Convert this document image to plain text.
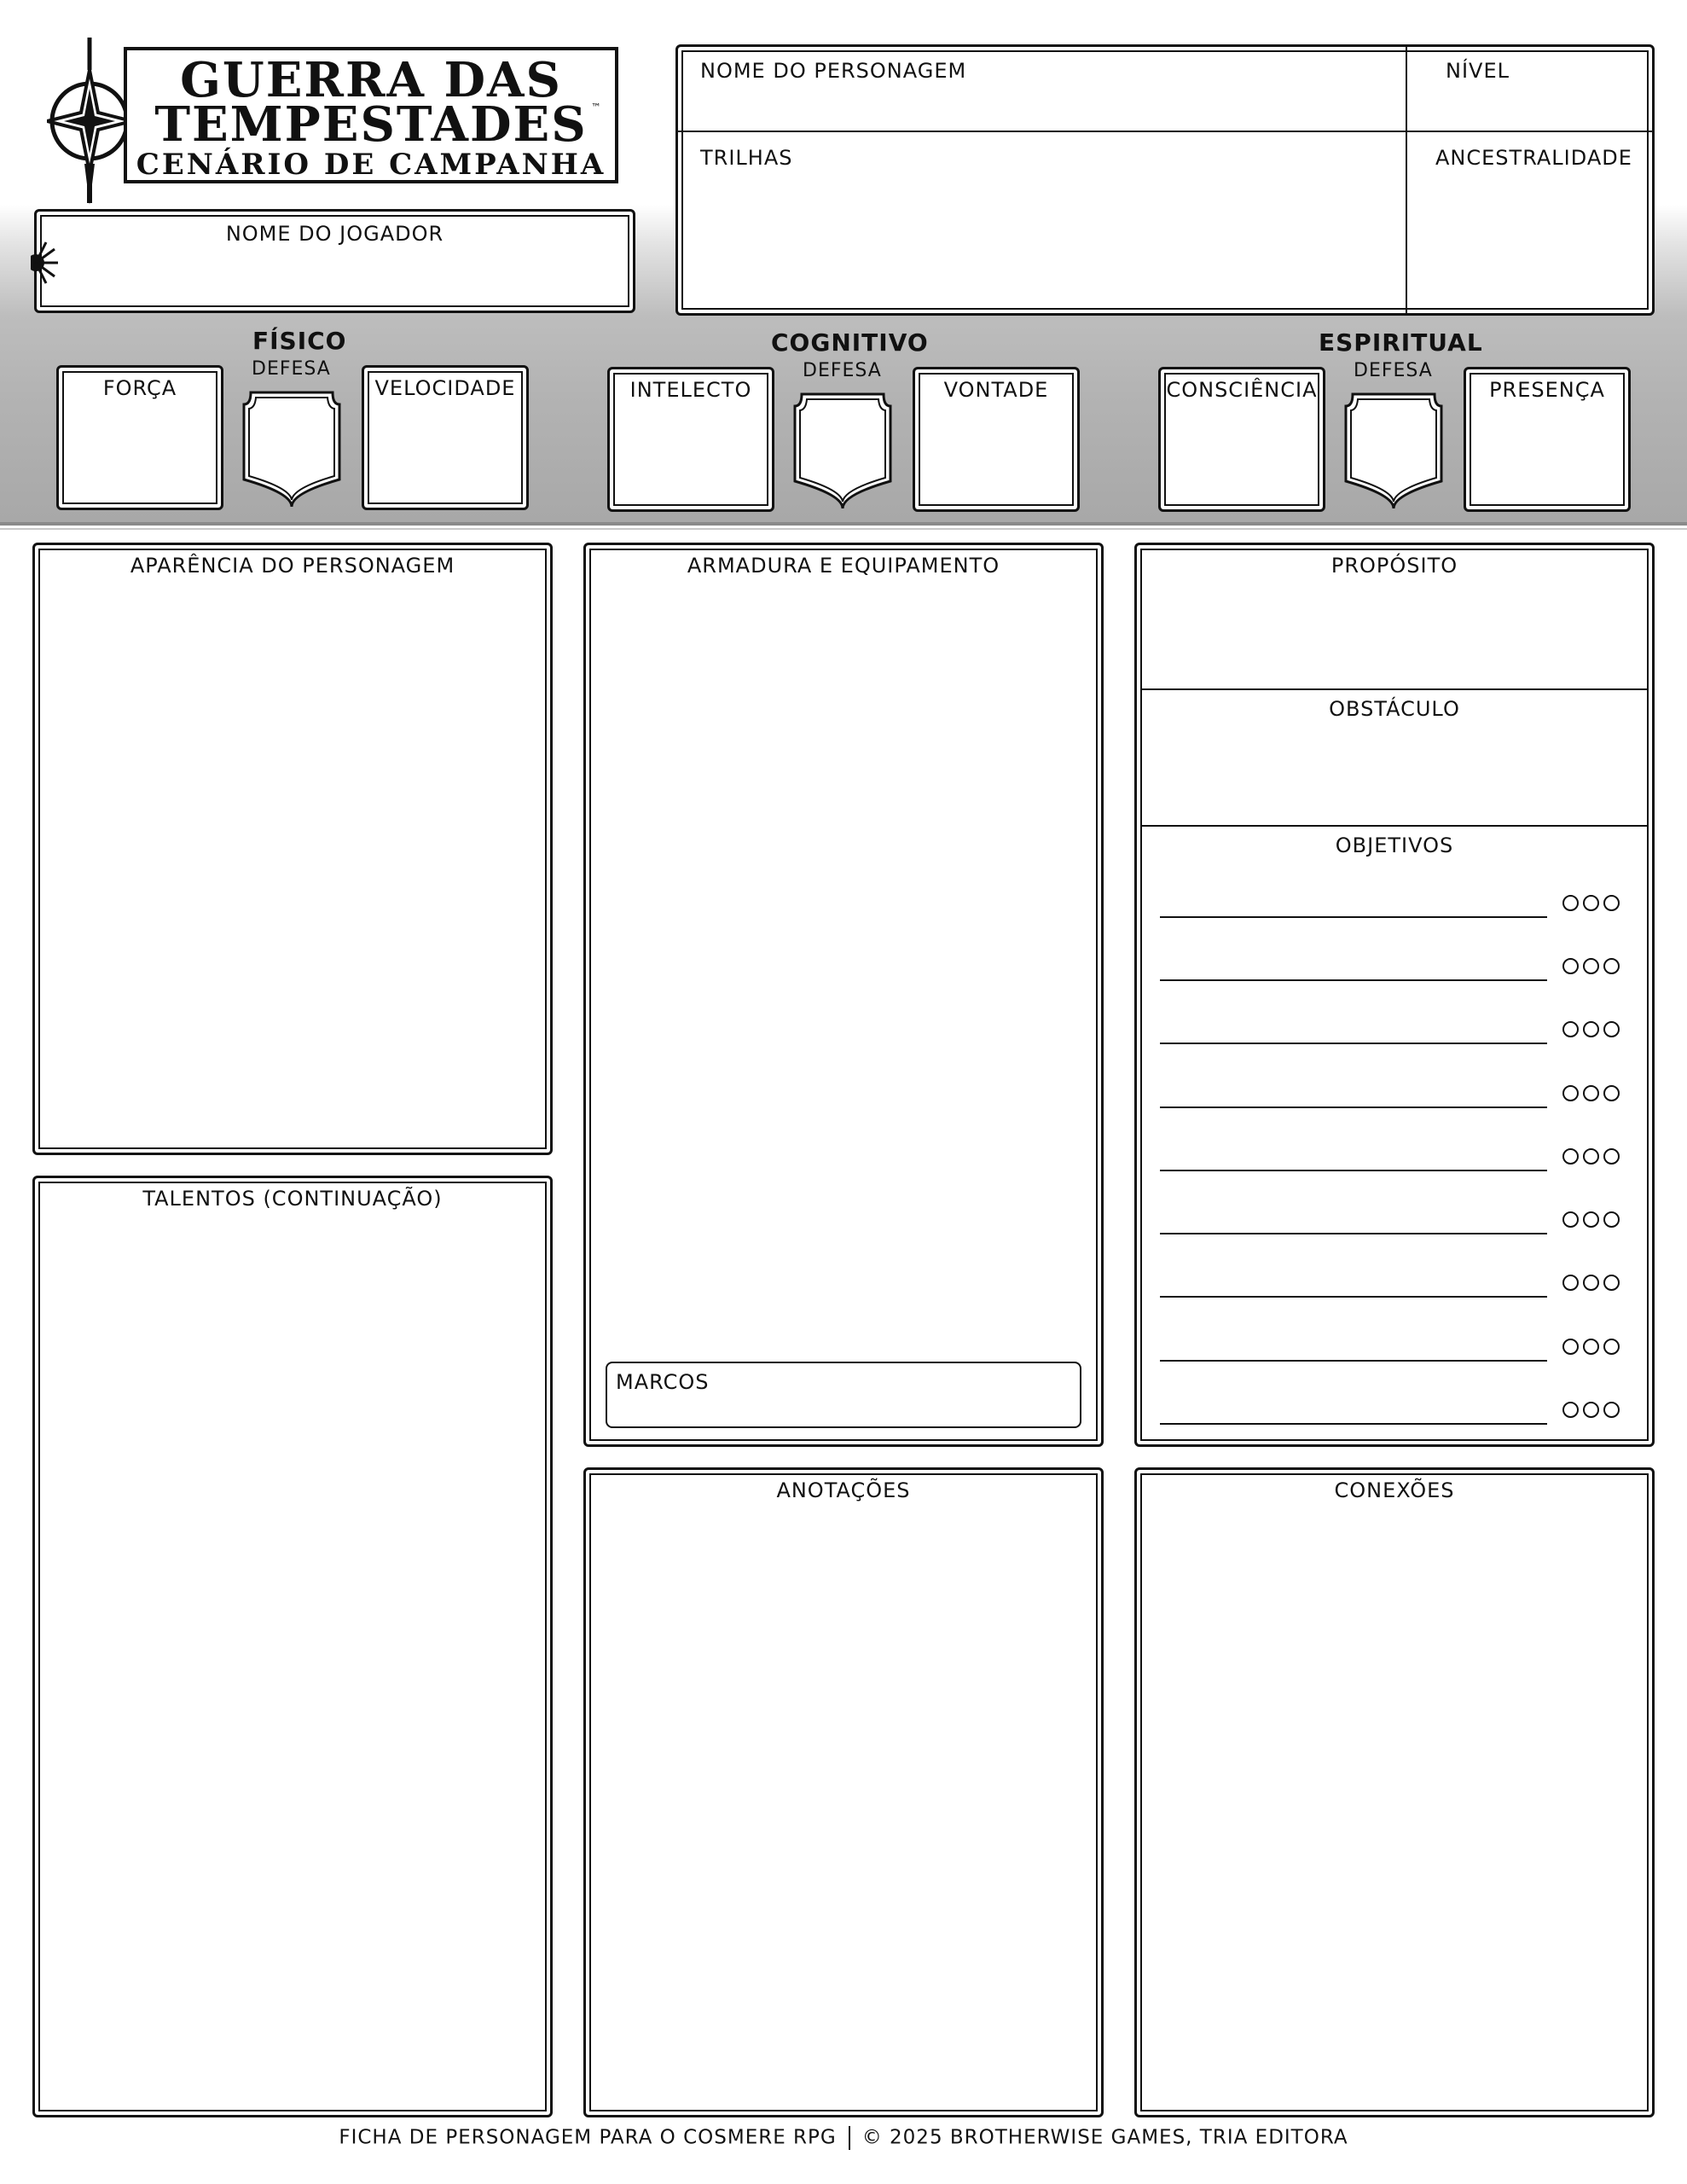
GUERRA DAS
TEMPESTADES ™
CENÁRIO DE CAMPANHA
NOME DO JOGADOR
NOME DO PERSONAGEM	NÍVEL
TRILHAS	ANCESTRALIDADE
FÍSICO
DEFESA
FORÇA	VELOCIDADE
COGNITIVO
DEFESA
INTELECTO	VONTADE
ESPIRITUAL
DEFESA
CONSCIÊNCIA	PRESENÇA
APARÊNCIA DO PERSONAGEM
TALENTOS (CONTINUAÇÃO)
ARMADURA E EQUIPAMENTO
MARCOS
ANOTAÇÕES
PROPÓSITO
OBSTÁCULO
OBJETIVOS
CONEXÕES
FICHA DE PERSONAGEM PARA O COSMERE RPG © 2025 BROTHERWISE GAMES, TRIA EDITORA
